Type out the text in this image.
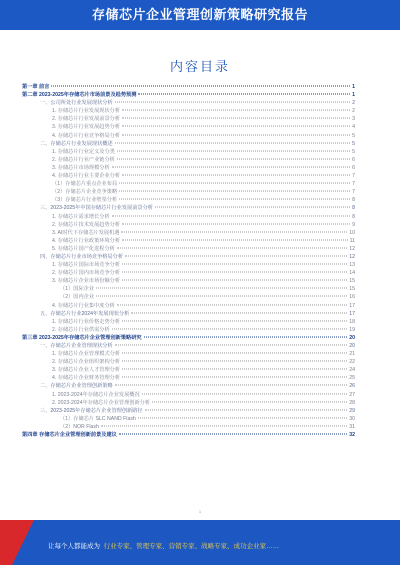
存储芯片企业管理创新策略研究报告
内容目录
第一章 前言	1
第二章 2023-2025年存储芯片市场前景及趋势预测	1
一、公司所处行业发展现状分析	2
1. 存储芯片行业发展现状分析	2
2. 存储芯片行业发展前景分析	3
3. 存储芯片行业发展趋势分析	4
4. 存储芯片行业竞争格局分析	5
二、存储芯片行业发展现状概述	5
1. 存储芯片行业定义及分类	5
2. 存储芯片行业产业链分析	6
3. 存储芯片市场规模分析	6
4. 存储芯片行业主要企业分析	7
（1）存储芯片重点企业布局	7
（2）存储芯片企业竞争策略	7
（3）存储芯片行业壁垒分析	8
三、2023-2025年中国存储芯片行业发展前景分析	8
1. 存储芯片需求增长分析	8
2. 存储芯片技术发展趋势分析	9
3. AI时代下存储芯片发展机遇	10
4. 存储芯片行业政策环境分析	11
5. 存储芯片国产化进程分析	12
四、存储芯片行业市场竞争格局分析	12
1. 存储芯片国际市场竞争分析	13
2. 存储芯片国内市场竞争分析	14
3. 存储芯片企业市场份额分析	15
（1）国际企业	15
（2）国内企业	16
4. 存储芯片行业集中度分析	17
五、存储芯片行业2024年发展现状分析	17
1. 存储芯片行业价格走势分析	18
2. 存储芯片行业供需分析	19
第三章 2023-2025年存储芯片企业管理创新策略研究	20
一、存储芯片企业管理现状分析	20
1. 存储芯片企业管理模式分析	21
2. 存储芯片企业组织架构分析	22
3. 存储芯片企业人才管理分析	24
4. 存储芯片企业财务管理分析	25
二、存储芯片企业管理创新策略	26
1. 2023-2024年存储芯片企业发展概况	27
2. 2023-2024年存储芯片企业管理创新分析	28
三、2023-2025年存储芯片企业管理创新路径	29
（1）存储芯片 SLC NAND Flash	30
（2）NOR Flash	31
第四章 存储芯片企业管理创新前景及建议	32
1
让每个人都能成为 行业专家、管理专家、营销专家、战略专家、成功企业家……
